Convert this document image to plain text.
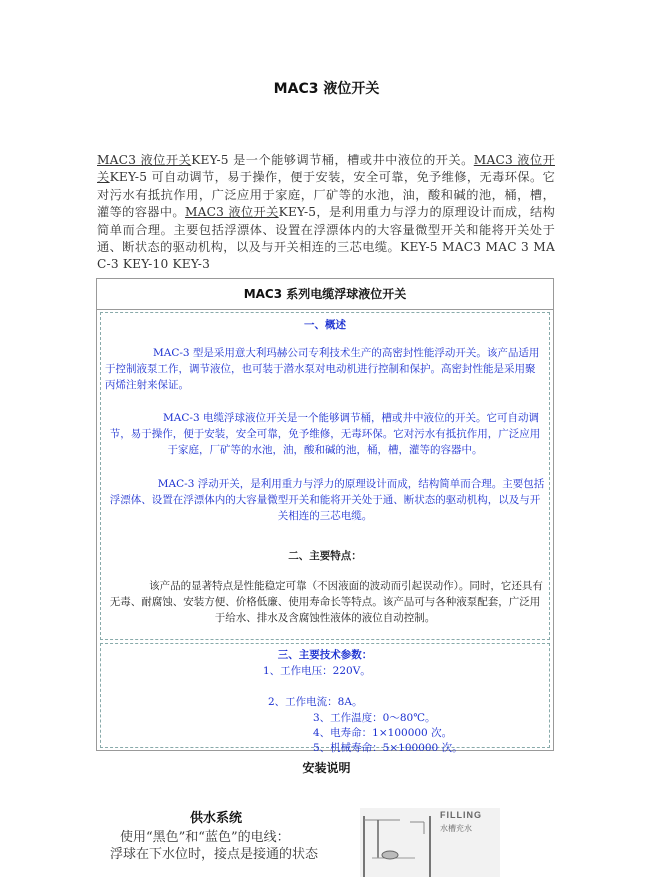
MAC3 液位开关
MAC3 液位开关KEY-5 是一个能够调节桶，槽或井中液位的开关。MAC3 液位开关KEY-5 可自动调节，易于操作，便于安装，安全可靠，免予维修，无毒环保。它对污水有抵抗作用，广泛应用于家庭，厂矿等的水池，油，酸和碱的池，桶，槽，灌等的容器中。MAC3 液位开关KEY-5，是利用重力与浮力的原理设计而成，结构简单而合理。主要包括浮漂体、设置在浮漂体内的大容量微型开关和能将开关处于通、断状态的驱动机构，以及与开关相连的三芯电缆。KEY-5 MAC3 MAC 3 MAC-3 KEY-10 KEY-3
MAC3 系列电缆浮球液位开关
一、概述
MAC-3 型是采用意大利玛赫公司专利技术生产的高密封性能浮动开关。该产品适用于控制液泵工作，调节液位，也可装于潜水泵对电动机进行控制和保护。高密封性能是采用聚丙烯注射来保证。
MAC-3 电缆浮球液位开关是一个能够调节桶，槽或井中液位的开关。它可自动调节，易于操作，便于安装，安全可靠，免予维修，无毒环保。它对污水有抵抗作用，广泛应用于家庭，厂矿等的水池，油，酸和碱的池，桶，槽，灌等的容器中。
MAC-3 浮动开关，是利用重力与浮力的原理设计而成，结构简单而合理。主要包括浮漂体、设置在浮漂体内的大容量微型开关和能将开关处于通、断状态的驱动机构，以及与开关相连的三芯电缆。
二、主要特点：
该产品的显著特点是性能稳定可靠（不因液面的波动而引起误动作）。同时，它还具有无毒、耐腐蚀、安装方便、价格低廉、使用寿命长等特点。该产品可与各种液泵配套，广泛用于给水、排水及含腐蚀性液体的液位自动控制。
三、主要技术参数：
1、工作电压：220V。
2、工作电流：8A。
3、工作温度：0～80℃。
4、电寿命：1×100000 次。
5、机械寿命：5×100000 次。
安装说明
供水系统
使用“黑色”和“蓝色”的电线：
浮球在下水位时，接点是接通的状态
FILLING
水槽充水
